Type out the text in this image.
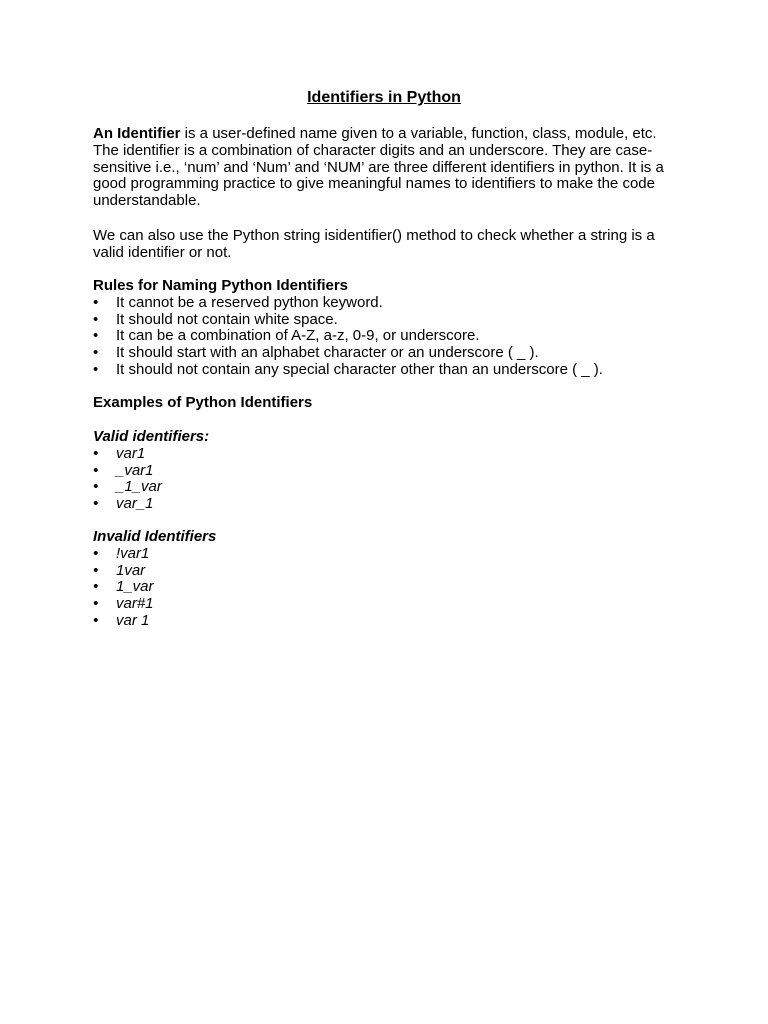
Identifiers in Python

An Identifier is a user-defined name given to a variable, function, class, module, etc. The identifier is a combination of character digits and an underscore. They are case-sensitive i.e., ‘num’ and ‘Num’ and ‘NUM’ are three different identifiers in python. It is a good programming practice to give meaningful names to identifiers to make the code understandable.

We can also use the Python string isidentifier() method to check whether a string is a valid identifier or not.

Rules for Naming Python Identifiers

•	It cannot be a reserved python keyword.
•	It should not contain white space.
•	It can be a combination of A-Z, a-z, 0-9, or underscore.
•	It should start with an alphabet character or an underscore ( _ ).
•	It should not contain any special character other than an underscore ( _ ).

Examples of Python Identifiers

Valid identifiers:

•	var1
•	_var1
•	_1_var
•	var_1

Invalid Identifiers

•	!var1
•	1var
•	1_var
•	var#1
•	var 1
